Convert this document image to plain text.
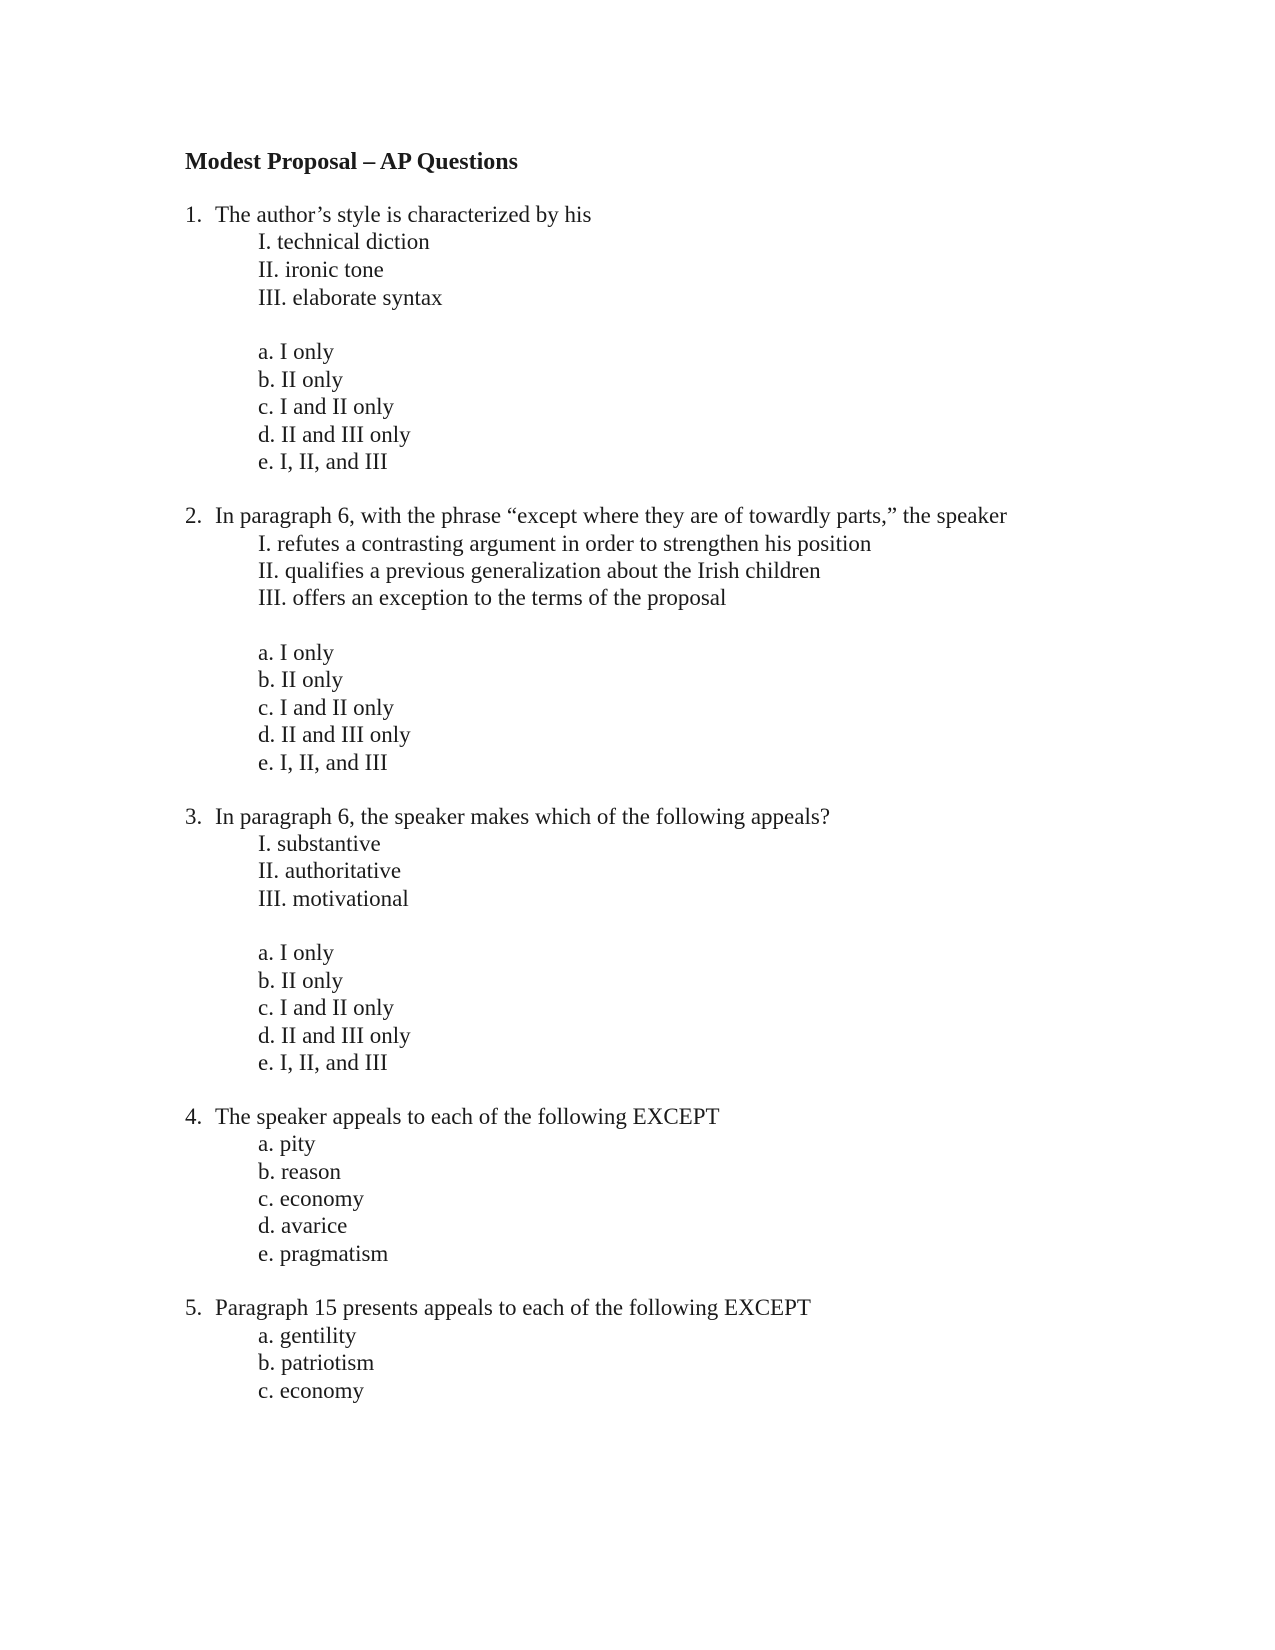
Modest Proposal – AP Questions
1. The author’s style is characterized by his
I. technical diction
II. ironic tone
III. elaborate syntax
a. I only
b. II only
c. I and II only
d. II and III only
e. I, II, and III
2. In paragraph 6, with the phrase “except where they are of towardly parts,” the speaker
I. refutes a contrasting argument in order to strengthen his position
II. qualifies a previous generalization about the Irish children
III. offers an exception to the terms of the proposal
a. I only
b. II only
c. I and II only
d. II and III only
e. I, II, and III
3. In paragraph 6, the speaker makes which of the following appeals?
I. substantive
II. authoritative
III. motivational
a. I only
b. II only
c. I and II only
d. II and III only
e. I, II, and III
4. The speaker appeals to each of the following EXCEPT
a. pity
b. reason
c. economy
d. avarice
e. pragmatism
5. Paragraph 15 presents appeals to each of the following EXCEPT
a. gentility
b. patriotism
c. economy
